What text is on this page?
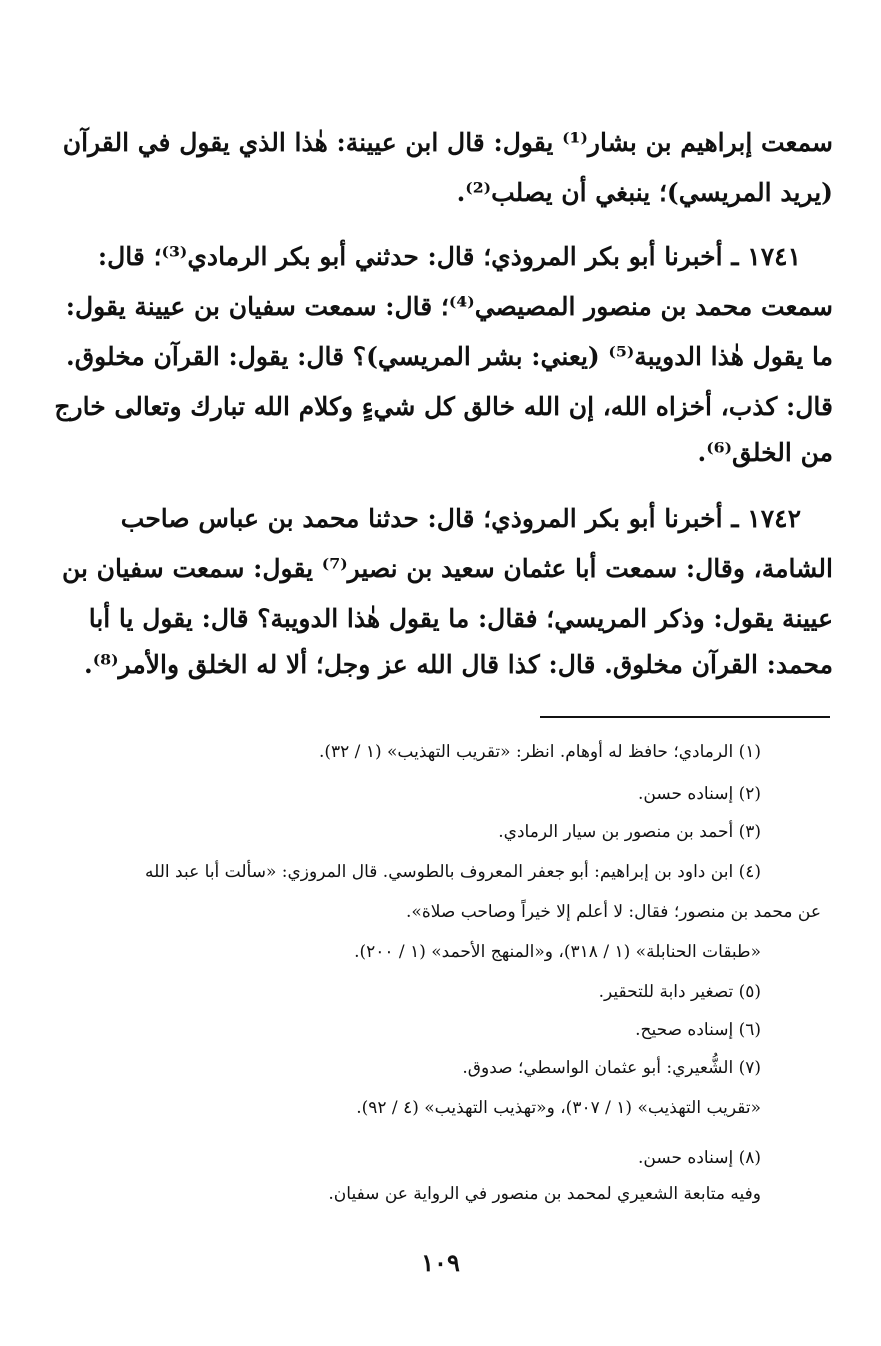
سمعت إبراهيم بن بشار⁽¹⁾ يقول: قال ابن عيينة: هٰذا الذي يقول في القرآن
(يريد المريسي)؛ ينبغي أن يصلب⁽²⁾.
١٧٤١ ـ أخبرنا أبو بكر المروذي؛ قال: حدثني أبو بكر الرمادي⁽³⁾؛ قال:
سمعت محمد بن منصور المصيصي⁽⁴⁾؛ قال: سمعت سفيان بن عيينة يقول:
ما يقول هٰذا الدويبة⁽⁵⁾ (يعني: بشر المريسي)؟ قال: يقول: القرآن مخلوق.
قال: كذب، أخزاه الله، إن الله خالق كل شيءٍ وكلام الله تبارك وتعالى خارج
من الخلق⁽⁶⁾.
١٧٤٢ ـ أخبرنا أبو بكر المروذي؛ قال: حدثنا محمد بن عباس صاحب
الشامة، وقال: سمعت أبا عثمان سعيد بن نصير⁽⁷⁾ يقول: سمعت سفيان بن
عيينة يقول: وذكر المريسي؛ فقال: ما يقول هٰذا الدويبة؟ قال: يقول يا أبا
محمد: القرآن مخلوق. قال: كذا قال الله عز وجل؛ ألا له الخلق والأمر⁽⁸⁾.
(١) الرمادي؛ حافظ له أوهام. انظر: «تقريب التهذيب» (١ / ٣٢).
(٢) إسناده حسن.
(٣) أحمد بن منصور بن سيار الرمادي.
(٤) ابن داود بن إبراهيم: أبو جعفر المعروف بالطوسي. قال المروزي: «سألت أبا عبد الله
عن محمد بن منصور؛ فقال: لا أعلم إلا خيراً وصاحب صلاة».
«طبقات الحنابلة» (١ / ٣١٨)، و«المنهج الأحمد» (١ / ٢٠٠).
(٥) تصغير دابة للتحقير.
(٦) إسناده صحيح.
(٧) الشُّعيري: أبو عثمان الواسطي؛ صدوق.
«تقريب التهذيب» (١ / ٣٠٧)، و«تهذيب التهذيب» (٤ / ٩٢).
(٨) إسناده حسن.
وفيه متابعة الشعيري لمحمد بن منصور في الرواية عن سفيان.
١٠٩
